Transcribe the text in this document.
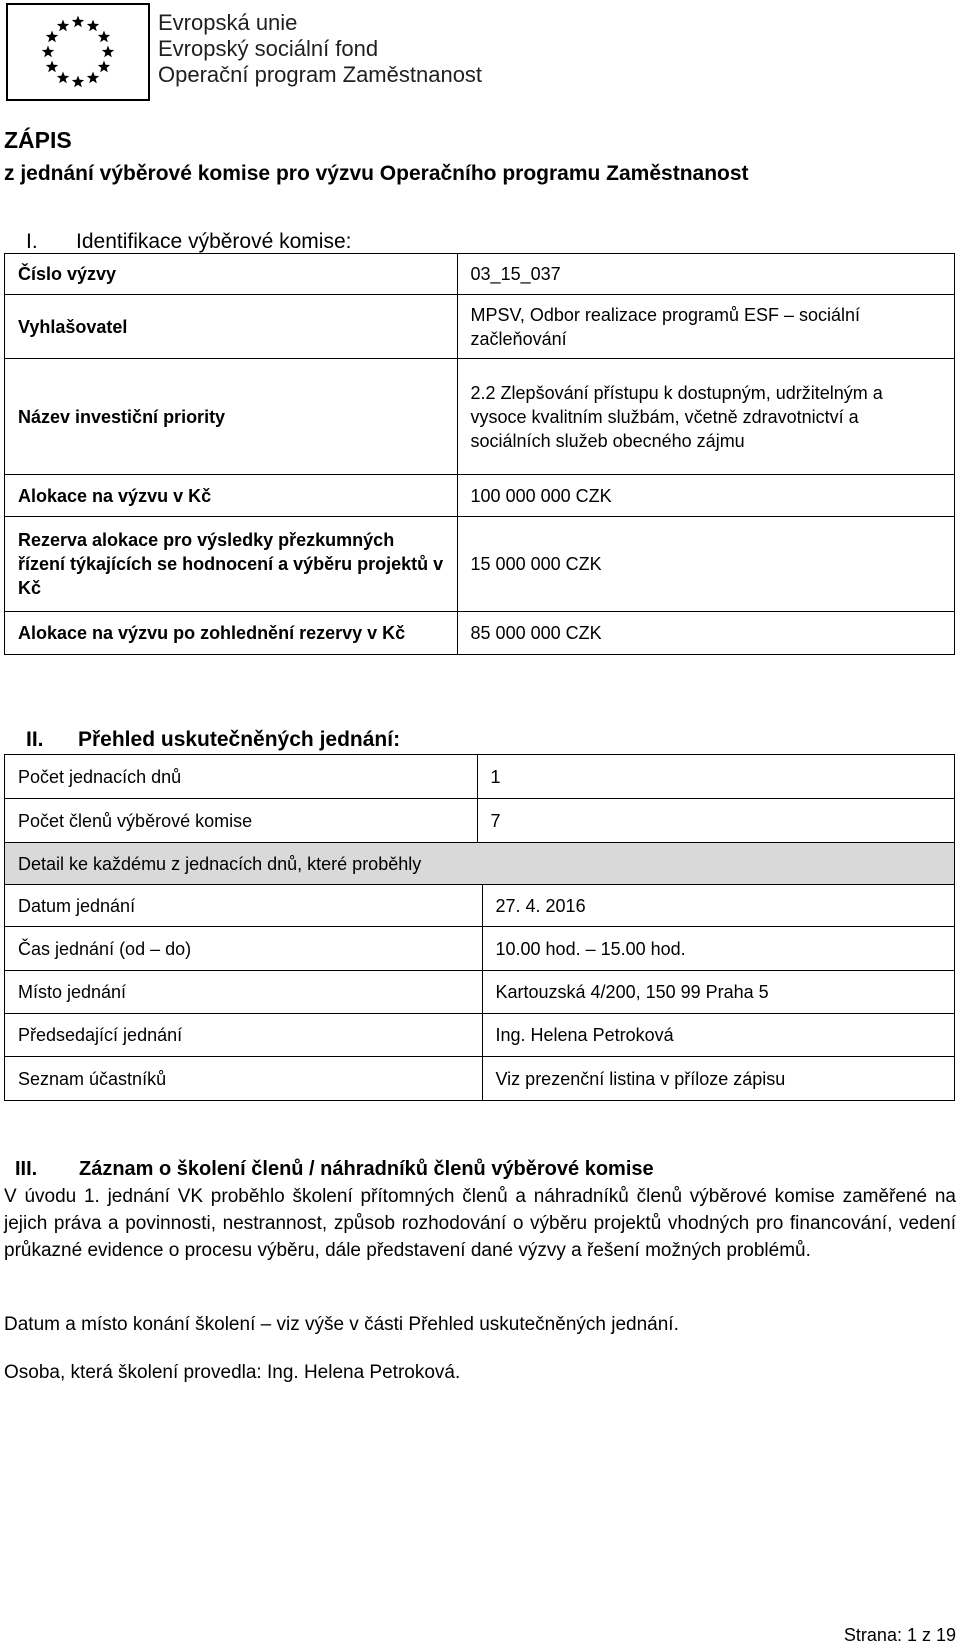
Evropská unie
Evropský sociální fond
Operační program Zaměstnanost
ZÁPIS
z jednání výběrové komise pro výzvu Operačního programu Zaměstnanost
I. Identifikace výběrové komise:
Číslo výzvy	03_15_037
Vyhlašovatel	MPSV, Odbor realizace programů ESF – sociální začleňování
Název investiční priority	2.2 Zlepšování přístupu k dostupným, udržitelným a vysoce kvalitním službám, včetně zdravotnictví a sociálních služeb obecného zájmu
Alokace na výzvu v Kč	100 000 000 CZK
Rezerva alokace pro výsledky přezkumných řízení týkajících se hodnocení a výběru projektů v Kč	15 000 000 CZK
Alokace na výzvu po zohlednění rezervy v Kč	85 000 000 CZK
II. Přehled uskutečněných jednání:
Počet jednacích dnů	1
Počet členů výběrové komise	7
Detail ke každému z jednacích dnů, které proběhly	
Datum jednání	27. 4. 2016
Čas jednání (od – do)	10.00 hod. – 15.00 hod.
Místo jednání	Kartouzská 4/200, 150 99 Praha 5
Předsedající jednání	Ing. Helena Petroková
Seznam účastníků	Viz prezenční listina v příloze zápisu
III. Záznam o školení členů / náhradníků členů výběrové komise
V úvodu 1. jednání VK proběhlo školení přítomných členů a náhradníků členů výběrové komise zaměřené na jejich práva a povinnosti, nestrannost, způsob rozhodování o výběru projektů vhodných pro financování, vedení průkazné evidence o procesu výběru, dále představení dané výzvy a řešení možných problémů.
Datum a místo konání školení – viz výše v části Přehled uskutečněných jednání.
Osoba, která školení provedla: Ing. Helena Petroková.
Strana: 1 z 19
